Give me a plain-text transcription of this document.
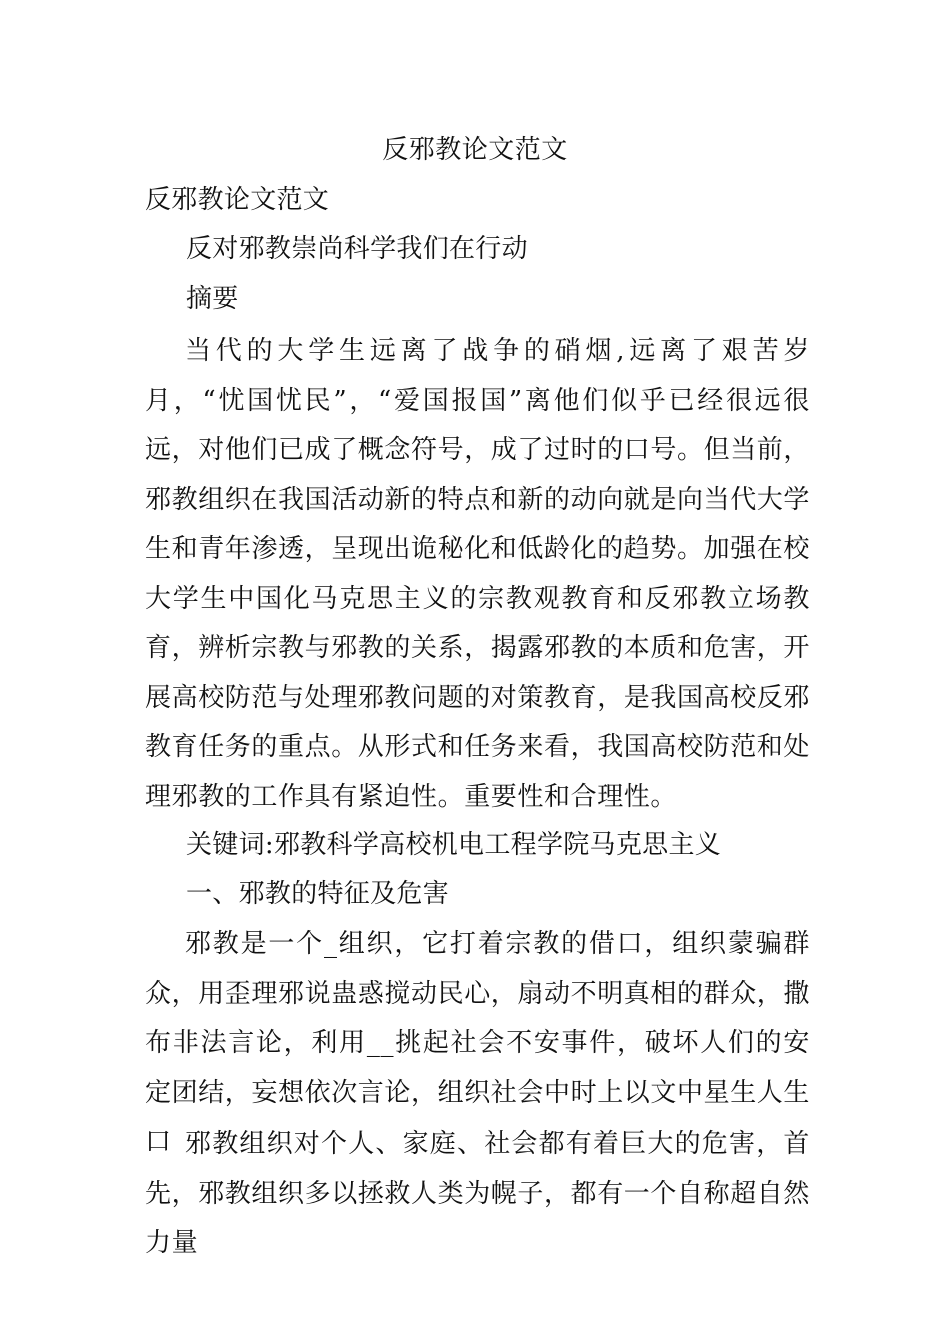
反邪教论文范文
反邪教论文范文
反对邪教崇尚科学我们在行动
摘要

当代的大学生远离了战争的硝烟,远离了艰苦岁月，“忧国忧民”，“爱国报国”离他们似乎已经很远很远，对他们已成了概念符号，成了过时的口号。但当前，邪教组织在我国活动新的特点和新的动向就是向当代大学生和青年渗透，呈现出诡秘化和低龄化的趋势。加强在校大学生中国化马克思主义的宗教观教育和反邪教立场教育，辨析宗教与邪教的关系，揭露邪教的本质和危害，开展高校防范与处理邪教问题的对策教育，是我国高校反邪教育任务的重点。从形式和任务来看，我国高校防范和处理邪教的工作具有紧迫性。重要性和合理性。

关键词:邪教科学高校机电工程学院马克思主义
一、邪教的特征及危害

邪教是一个_组织，它打着宗教的借口，组织蒙骗群众，用歪理邪说蛊惑搅动民心，扇动不明真相的群众，撒布非法言论，利用__挑起社会不安事件，破坏人们的安定团结，妄想依次言论，组织社会中时上以文中星生人生口 邪教组织对个人、家庭、社会都有着巨大的危害，首先，邪教组织多以拯救人类为幌子，都有一个自称超自然力量
